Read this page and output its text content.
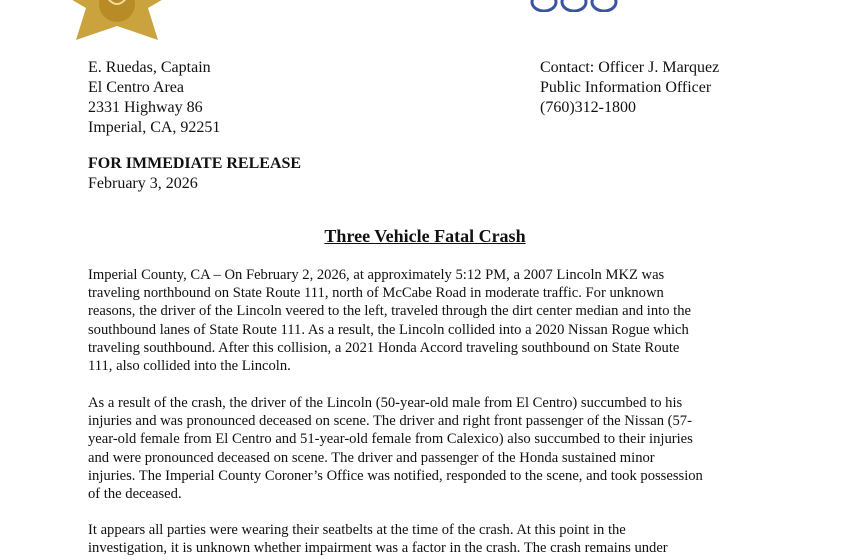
E. Ruedas, Captain
El Centro Area
2331 Highway 86
Imperial, CA, 92251
Contact: Officer J. Marquez
Public Information Officer
(760)312-1800
FOR IMMEDIATE RELEASE
February 3, 2026
Three Vehicle Fatal Crash
Imperial County, CA – On February 2, 2026, at approximately 5:12 PM, a 2007 Lincoln MKZ was
traveling northbound on State Route 111, north of McCabe Road in moderate traffic. For unknown
reasons, the driver of the Lincoln veered to the left, traveled through the dirt center median and into the
southbound lanes of State Route 111. As a result, the Lincoln collided into a 2020 Nissan Rogue which
traveling southbound. After this collision, a 2021 Honda Accord traveling southbound on State Route
111, also collided into the Lincoln.
As a result of the crash, the driver of the Lincoln (50-year-old male from El Centro) succumbed to his
injuries and was pronounced deceased on scene. The driver and right front passenger of the Nissan (57-
year-old female from El Centro and 51-year-old female from Calexico) also succumbed to their injuries
and were pronounced deceased on scene. The driver and passenger of the Honda sustained minor
injuries. The Imperial County Coroner’s Office was notified, responded to the scene, and took possession
of the deceased.
It appears all parties were wearing their seatbelts at the time of the crash. At this point in the
investigation, it is unknown whether impairment was a factor in the crash. The crash remains under
